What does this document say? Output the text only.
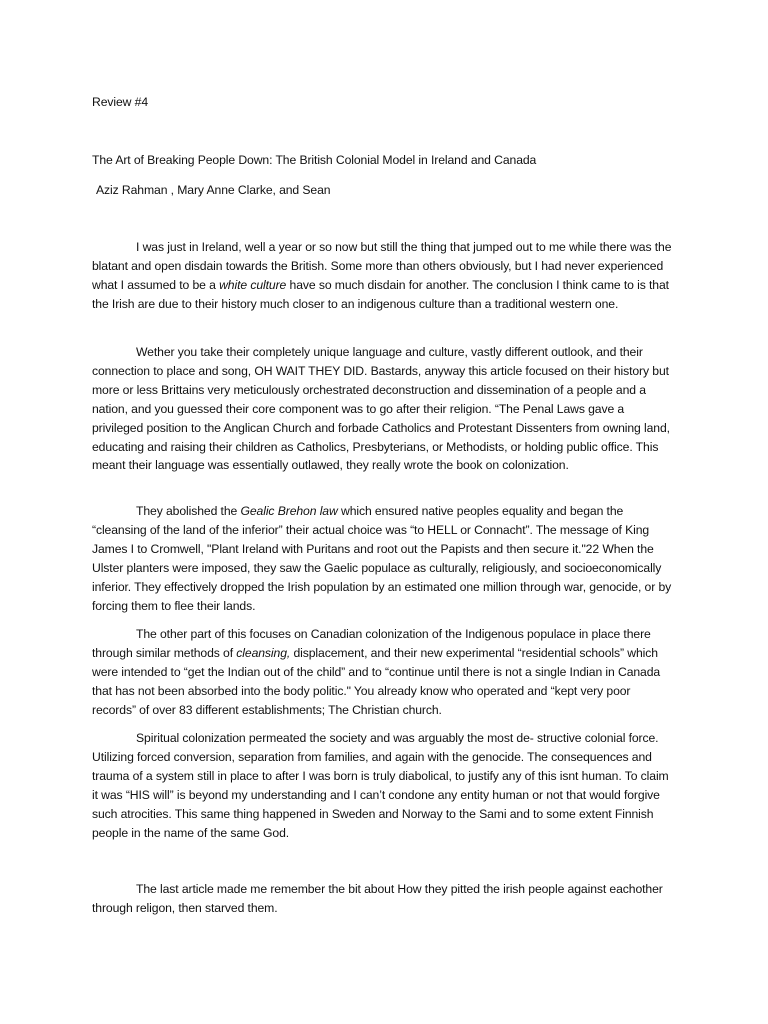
Review #4
The Art of Breaking People Down: The British Colonial Model in Ireland and Canada
Aziz Rahman , Mary Anne Clarke, and Sean

I was just in Ireland, well a year or so now but still the thing that jumped out to me while there was the blatant and open disdain towards the British. Some more than others obviously, but I had never experienced what I assumed to be a white culture have so much disdain for another. The conclusion I think came to is that the Irish are due to their history much closer to an indigenous culture than a traditional western one.

Wether you take their completely unique language and culture, vastly different outlook, and their connection to place and song, OH WAIT THEY DID. Bastards, anyway this article focused on their history but more or less Brittains very meticulously orchestrated deconstruction and dissemination of a people and a nation, and you guessed their core component was to go after their religion. “The Penal Laws gave a privileged position to the Anglican Church and forbade Catholics and Protestant Dissenters from owning land, educating and raising their children as Catholics, Presbyterians, or Methodists, or holding public office. This meant their language was essentially outlawed, they really wrote the book on colonization.

They abolished the Gealic Brehon law which ensured native peoples equality and began the “cleansing of the land of the inferior” their actual choice was “to HELL or Connacht”. The message of King James I to Cromwell, "Plant Ireland with Puritans and root out the Papists and then secure it."22 When the Ulster planters were imposed, they saw the Gaelic populace as culturally, religiously, and socioeconomically inferior. They effectively dropped the Irish population by an estimated one million through war, genocide, or by forcing them to flee their lands.

The other part of this focuses on Canadian colonization of the Indigenous populace in place there through similar methods of cleansing, displacement, and their new experimental “residential schools” which were intended to “get the Indian out of the child” and to “continue until there is not a single Indian in Canada that has not been absorbed into the body politic." You already know who operated and “kept very poor records” of over 83 different establishments; The Christian church.

Spiritual colonization permeated the society and was arguably the most de- structive colonial force. Utilizing forced conversion, separation from families, and again with the genocide. The consequences and trauma of a system still in place to after I was born is truly diabolical, to justify any of this isnt human. To claim it was “HIS will” is beyond my understanding and I can’t condone any entity human or not that would forgive such atrocities. This same thing happened in Sweden and Norway to the Sami and to some extent Finnish people in the name of the same God.

The last article made me remember the bit about How they pitted the irish people against eachother through religon, then starved them.
